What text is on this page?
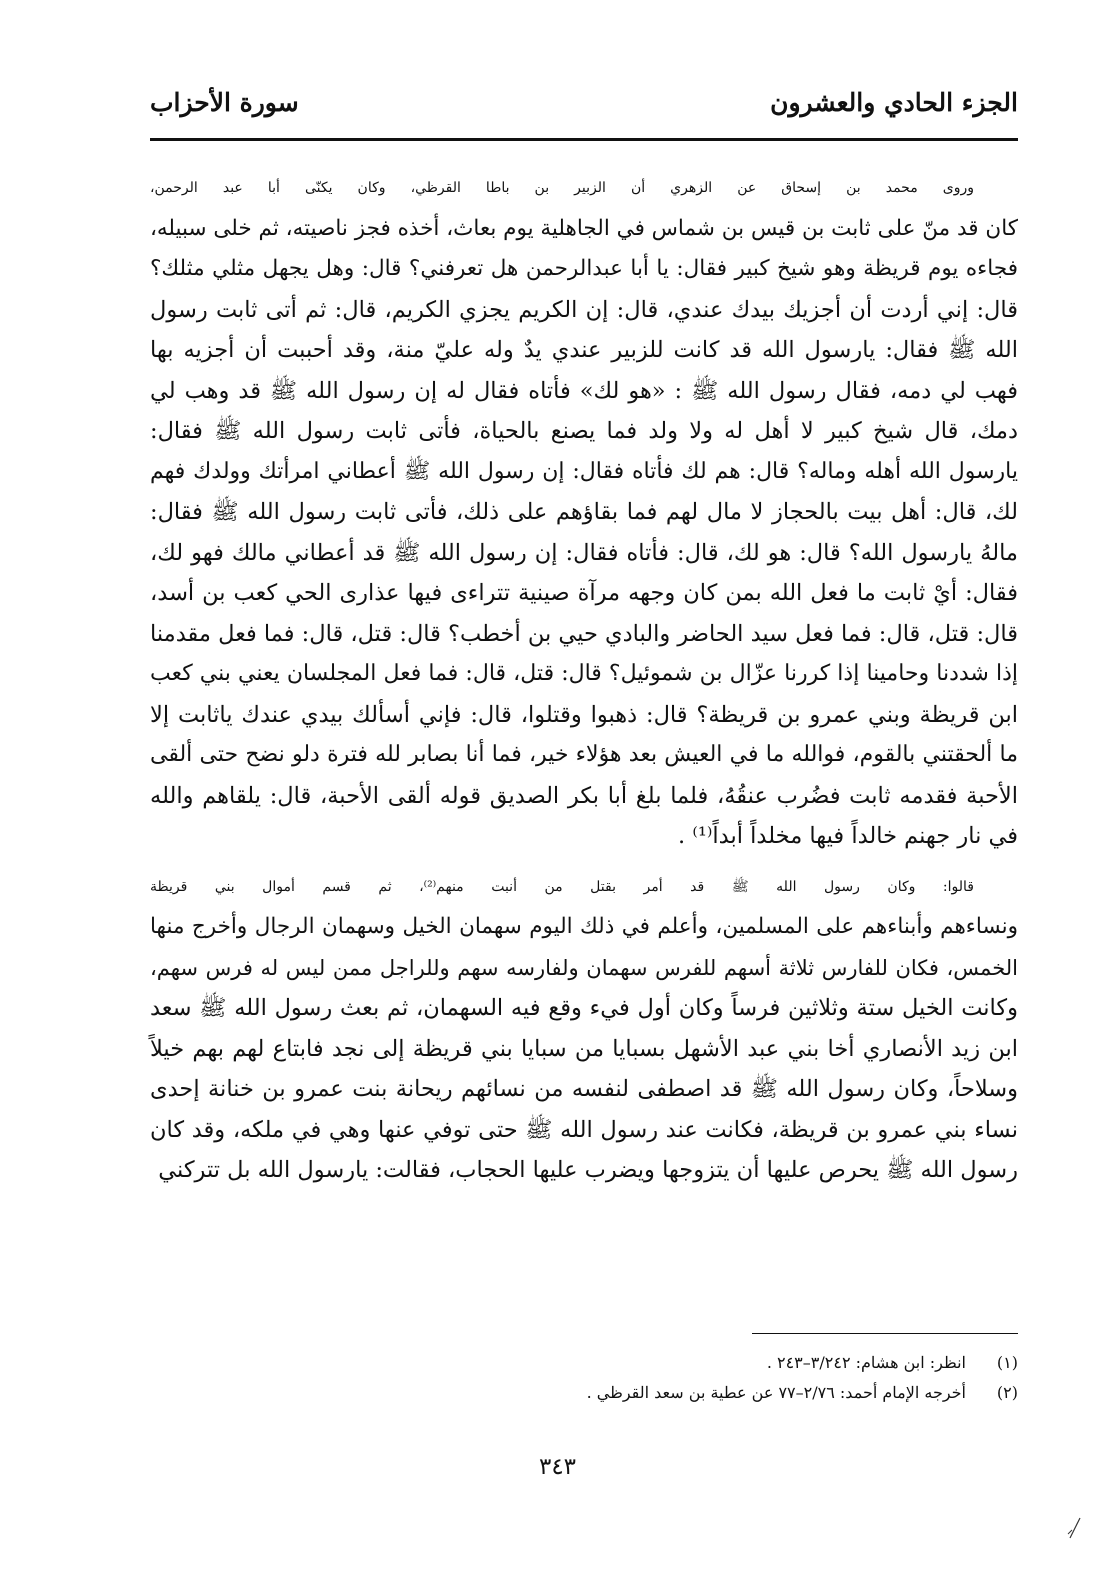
الجزء الحادي والعشرون
سورة الأحزاب

وروى محمد بن إسحاق عن الزهري أن الزبير بن باطا القرظي، وكان يكنّى أبا عبد الرحمن،
كان قد منّ على ثابت بن قيس بن شماس في الجاهلية يوم بعاث، أخذه فجز ناصيته، ثم خلى سبيله،
فجاءه يوم قريظة وهو شيخ كبير فقال: يا أبا عبدالرحمن هل تعرفني؟ قال: وهل يجهل مثلي مثلك؟
قال: إني أردت أن أجزيك بيدك عندي، قال: إن الكريم يجزي الكريم، قال: ثم أتى ثابت رسول
الله ﷺ فقال: يارسول الله قد كانت للزبير عندي يدٌ وله عليّ منة، وقد أحببت أن أجزيه بها
فهب لي دمه، فقال رسول الله ﷺ : «هو لك» فأتاه فقال له إن رسول الله ﷺ قد وهب لي
دمك، قال شيخ كبير لا أهل له ولا ولد فما يصنع بالحياة، فأتى ثابت رسول الله ﷺ فقال:
يارسول الله أهله وماله؟ قال: هم لك فأتاه فقال: إن رسول الله ﷺ أعطاني امرأتك وولدك فهم
لك، قال: أهل بيت بالحجاز لا مال لهم فما بقاؤهم على ذلك، فأتى ثابت رسول الله ﷺ فقال:
مالهُ يارسول الله؟ قال: هو لك، قال: فأتاه فقال: إن رسول الله ﷺ قد أعطاني مالك فهو لك،
فقال: أيْ ثابت ما فعل الله بمن كان وجهه مرآة صينية تتراءى فيها عذارى الحي كعب بن أسد،
قال: قتل، قال: فما فعل سيد الحاضر والبادي حيي بن أخطب؟ قال: قتل، قال: فما فعل مقدمنا
إذا شددنا وحامينا إذا كررنا عزّال بن شموئيل؟ قال: قتل، قال: فما فعل المجلسان يعني بني كعب
ابن قريظة وبني عمرو بن قريظة؟ قال: ذهبوا وقتلوا، قال: فإني أسألك بيدي عندك ياثابت إلا
ما ألحقتني بالقوم، فوالله ما في العيش بعد هؤلاء خير، فما أنا بصابر لله فترة دلو نضح حتى ألقى
الأحبة فقدمه ثابت فضُرب عنقُهُ، فلما بلغ أبا بكر الصديق قوله ألقى الأحبة، قال: يلقاهم والله
في نار جهنم خالداً فيها مخلداً أبداً⁽¹⁾ .

قالوا: وكان رسول الله ﷺ قد أمر بقتل من أنبت منهم⁽²⁾، ثم قسم أموال بني قريظة
ونساءهم وأبناءهم على المسلمين، وأعلم في ذلك اليوم سهمان الخيل وسهمان الرجال وأخرج منها
الخمس، فكان للفارس ثلاثة أسهم للفرس سهمان ولفارسه سهم وللراجل ممن ليس له فرس سهم،
وكانت الخيل ستة وثلاثين فرساً وكان أول فيء وقع فيه السهمان، ثم بعث رسول الله ﷺ سعد
ابن زيد الأنصاري أخا بني عبد الأشهل بسبايا من سبايا بني قريظة إلى نجد فابتاع لهم بهم خيلاً
وسلاحاً، وكان رسول الله ﷺ قد اصطفى لنفسه من نسائهم ريحانة بنت عمرو بن خنانة إحدى
نساء بني عمرو بن قريظة، فكانت عند رسول الله ﷺ حتى توفي عنها وهي في ملكه، وقد كان
رسول الله ﷺ يحرص عليها أن يتزوجها ويضرب عليها الحجاب، فقالت: يارسول الله بل تتركني

(١)
انظر: ابن هشام: ٣/٢٤٢–٢٤٣ .
(٢)
أخرجه الإمام أحمد: ٢/٧٦–٧٧ عن عطية بن سعد القرظي .
٣٤٣
